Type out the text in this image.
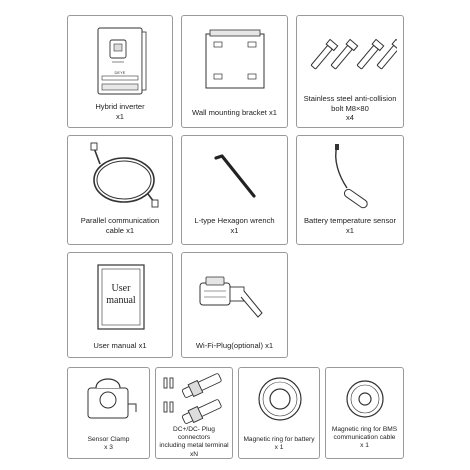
DEYE
Hybrid inverter
x1	Wall mounting bracket x1
Stainless steel anti-collision
bolt M8×80
x4
Parallel communication
cable x1
L-type Hexagon wrench
x1
Battery temperature sensor
x1
User
manual
User manual x1	Wi-Fi-Plug(optional) x1
Sensor Clamp
x 3
DC+/DC- Plug connectors
including metal terminal
xN
Magnetic ring for battery
x 1
Magnetic ring for BMS
communication cable
x 1
